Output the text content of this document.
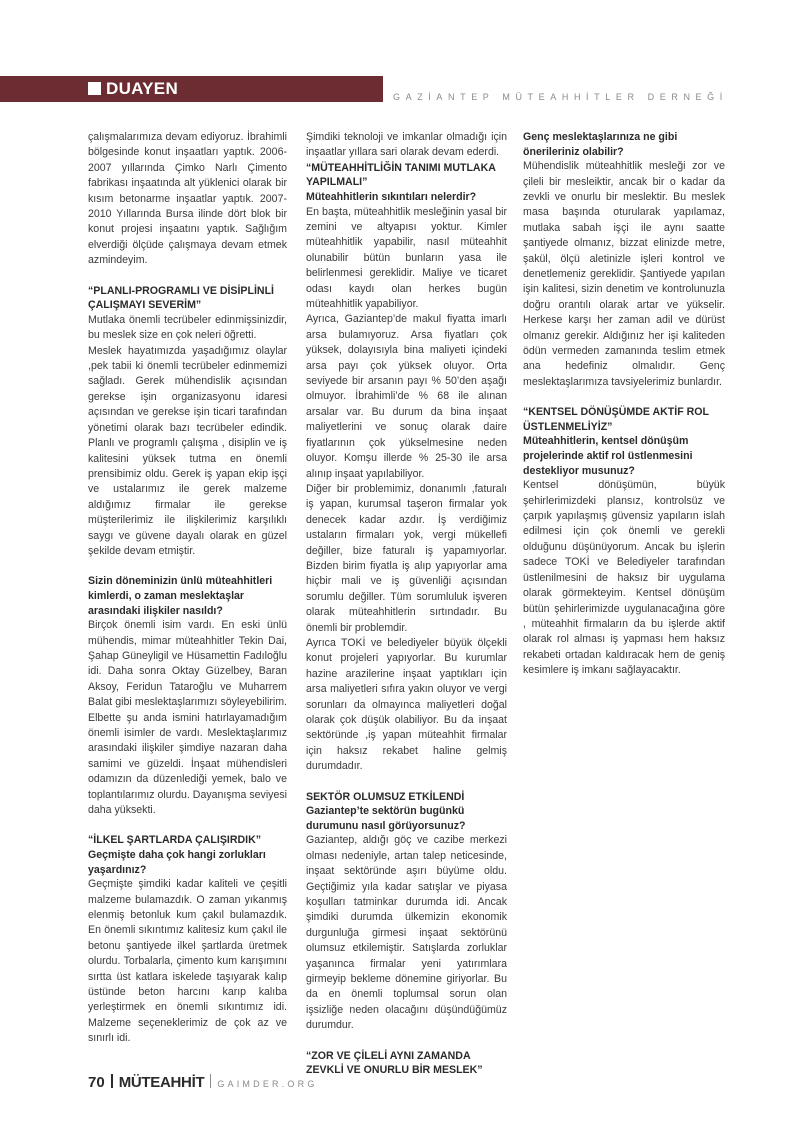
DUAYEN	GAZİANTEP MÜTEAHHİTLER DERNEĞİ
çalışmalarımıza devam ediyoruz. İbrahimli bölgesinde konut inşaatları yaptık. 2006-2007 yıllarında Çimko Narlı Çimento fabrikası inşaatında alt yüklenici olarak bir kısım betonarme inşaatlar yaptık. 2007-2010 Yıllarında Bursa ilinde dört blok bir konut projesi inşaatını yaptık. Sağlığım elverdiği ölçüde çalışmaya devam etmek azmindeyim.
“PLANLI-PROGRAMLI VE DİSİPLİNLİ ÇALIŞMAYI SEVERİM”
Mutlaka önemli tecrübeler edinmişsinizdir, bu meslek size en çok neleri öğretti.
Meslek hayatımızda yaşadığımız olaylar ,pek tabii ki önemli tecrübeler edinmemizi sağladı. Gerek mühendislik açısından gerekse işin organizasyonu idaresi açısından ve gerekse işin ticari tarafından yönetimi olarak bazı tecrübeler edindik. Planlı ve programlı çalışma , disiplin ve iş kalitesini yüksek tutma en önemli prensibimiz oldu. Gerek iş yapan ekip işçi ve ustalarımız ile gerek malzeme aldığımız firmalar ile gerekse müşterilerimiz ile ilişkilerimiz karşılıklı saygı ve güvene dayalı olarak en güzel şekilde devam etmiştir.
Sizin döneminizin ünlü müteahhitleri kimlerdi, o zaman meslektaşlar arasındaki ilişkiler nasıldı?
Birçok önemli isim vardı. En eski ünlü mühendis, mimar müteahhitler Tekin Dai, Şahap Güneyligil ve Hüsamettin Fadıloğlu idi. Daha sonra Oktay Güzelbey, Baran Aksoy, Feridun Tataroğlu ve Muharrem Balat gibi meslektaşlarımızı söyleyebilirim. Elbette şu anda ismini hatırlayamadığım önemli isimler de vardı. Meslektaşlarımız arasındaki ilişkiler şimdiye nazaran daha samimi ve güzeldi. İnşaat mühendisleri odamızın da düzenlediği yemek, balo ve toplantılarımız olurdu. Dayanışma seviyesi daha yüksekti.
“İLKEL ŞARTLARDA ÇALIŞIRDIK”
Geçmişte daha çok hangi zorlukları yaşardınız?
Geçmişte şimdiki kadar kaliteli ve çeşitli malzeme bulamazdık. O zaman yıkanmış elenmiş betonluk kum çakıl bulamazdık. En önemli sıkıntımız kalitesiz kum çakıl ile betonu şantiyede ilkel şartlarda üretmek olurdu. Torbalarla, çimento kum karışımını sırtta üst katlara iskelede taşıyarak kalıp üstünde beton harcını karıp kalıba yerleştirmek en önemli sıkıntımız idi. Malzeme seçeneklerimiz de çok az ve sınırlı idi.
Şimdiki teknoloji ve imkanlar olmadığı için inşaatlar yıllara sari olarak devam ederdi.
“MÜTEAHHİTLİĞİN TANIMI MUTLAKA YAPILMALI”
Müteahhitlerin sıkıntıları nelerdir?
En başta, müteahhitlik mesleğinin yasal bir zemini ve altyapısı yoktur. Kimler müteahhitlik yapabilir, nasıl müteahhit olunabilir bütün bunların yasa ile belirlenmesi gereklidir. Maliye ve ticaret odası kaydı olan herkes bugün müteahhitlik yapabiliyor.
Ayrıca, Gaziantep’de makul fiyatta imarlı arsa bulamıyoruz. Arsa fiyatları çok yüksek, dolayısıyla bina maliyeti içindeki arsa payı çok yüksek oluyor. Orta seviyede bir arsanın payı % 50’den aşağı olmuyor. İbrahimli’de % 68 ile alınan arsalar var. Bu durum da bina inşaat maliyetlerini ve sonuç olarak daire fiyatlarının çok yükselmesine neden oluyor. Komşu illerde % 25-30 ile arsa alınıp inşaat yapılabiliyor.
Diğer bir problemimiz, donanımlı ,faturalı iş yapan, kurumsal taşeron firmalar yok denecek kadar azdır. İş verdiğimiz ustaların firmaları yok, vergi mükellefi değiller, bize faturalı iş yapamıyorlar. Bizden birim fiyatla iş alıp yapıyorlar ama hiçbir mali ve iş güvenliği açısından sorumlu değiller. Tüm sorumluluk işveren olarak müteahhitlerin sırtındadır. Bu önemli bir problemdir.
Ayrıca TOKİ ve belediyeler büyük ölçekli konut projeleri yapıyorlar. Bu kurumlar hazine arazilerine inşaat yaptıkları için arsa maliyetleri sıfıra yakın oluyor ve vergi sorunları da olmayınca maliyetleri doğal olarak çok düşük olabiliyor. Bu da inşaat sektöründe ,iş yapan müteahhit firmalar için haksız rekabet haline gelmiş durumdadır.
SEKTÖR OLUMSUZ ETKİLENDİ
Gaziantep’te sektörün bugünkü durumunu nasıl görüyorsunuz?
Gaziantep, aldığı göç ve cazibe merkezi olması nedeniyle, artan talep neticesinde, inşaat sektöründe aşırı büyüme oldu. Geçtiğimiz yıla kadar satışlar ve piyasa koşulları tatminkar durumda idi. Ancak şimdiki durumda ülkemizin ekonomik durgunluğa girmesi inşaat sektörünü olumsuz etkilemiştir. Satışlarda zorluklar yaşanınca firmalar yeni yatırımlara girmeyip bekleme dönemine giriyorlar. Bu da en önemli toplumsal sorun olan işsizliğe neden olacağını düşündüğümüz durumdur.
“ZOR VE ÇİLELİ AYNI ZAMANDA ZEVKLİ VE ONURLU BİR MESLEK”
Genç meslektaşlarınıza ne gibi önerileriniz olabilir?
Mühendislik müteahhitlik mesleği zor ve çileli bir mesleiktir, ancak bir o kadar da zevkli ve onurlu bir meslektir. Bu meslek masa başında oturularak yapılamaz, mutlaka sabah işçi ile aynı saatte şantiyede olmanız, bizzat elinizde metre, şakül, ölçü aletinizle işleri kontrol ve denetlemeniz gereklidir. Şantiyede yapılan işin kalitesi, sizin denetim ve kontrolunuzla doğru orantılı olarak artar ve yükselir. Herkese karşı her zaman adil ve dürüst olmanız gerekir. Aldığınız her işi kaliteden ödün vermeden zamanında teslim etmek ana hedefiniz olmalıdır. Genç meslektaşlarımıza tavsiyelerimiz bunlardır.
“KENTSEL DÖNÜŞÜMDE AKTİF ROL ÜSTLENMELİYİZ”
Müteahhitlerin, kentsel dönüşüm projelerinde aktif rol üstlenmesini destekliyor musunuz?
Kentsel dönüşümün, büyük şehirlerimizdeki plansız, kontrolsüz ve çarpık yapılaşmış güvensiz yapıların islah edilmesi için çok önemli ve gerekli olduğunu düşünüyorum. Ancak bu işlerin sadece TOKİ ve Belediyeler tarafından üstlenilmesini de haksız bir uygulama olarak görmekteyim. Kentsel dönüşüm bütün şehirlerimizde uygulanacağına göre , müteahhit firmaların da bu işlerde aktif olarak rol alması iş yapması hem haksız rekabeti ortadan kaldıracak hem de geniş kesimlere iş imkanı sağlayacaktır.
70 MÜTEAHHİT GAIMDER.ORG
